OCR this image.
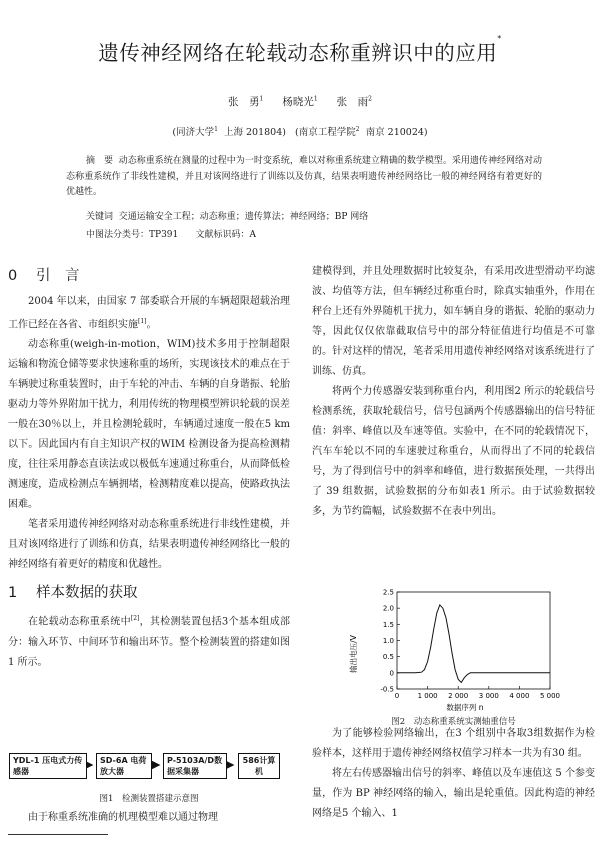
遗传神经网络在轮载动态称重辨识中的应用*
张　勇$^1$ 杨晓光$^1$ 张　雨$^2$
(同济大学$^1$ 上海 201804) (南京工程学院$^2$ 南京 210024)
摘　要 动态称重系统在测量的过程中为一时变系统，难以对称重系统建立精确的数学模型。采用遗传神经网络对动态称重系统作了非线性建模，并且对该网络进行了训练以及仿真，结果表明遗传神经网络比一般的神经网络有着更好的优越性。
关键词 交通运输安全工程；动态称重；遗传算法；神经网络；BP 网络
中图法分类号：TP391 文献标识码：A
0 引　言

2004 年以来，由国家 7 部委联合开展的车辆超限超载治理工作已经在各省、市组织实施[1]。

动态称重(weigh-in-motion，WIM)技术多用于控制超限运输和物流仓储等要求快速称重的场所，实现该技术的难点在于车辆驶过称重装置时，由于车轮的冲击、车辆的自身谐振、轮胎驱动力等外界附加干扰力，利用传统的物理模型辨识轮载的误差一般在30％以上，并且检测轮载时，车辆通过速度一般在5 km 以下。因此国内有自主知识产权的WIM 检测设备为提高检测精度，往往采用静态直读法或以极低车速通过称重台，从而降低检测速度，造成检测点车辆拥堵，检测精度难以提高，使路政执法困难。

笔者采用遗传神经网络对动态称重系统进行非线性建模，并且对该网络进行了训练和仿真，结果表明遗传神经网络比一般的神经网络有着更好的精度和优越性。

1 样本数据的获取

在轮载动态称重系统中[2]，其检测装置包括3个基本组成部分：输入环节、中间环节和输出环节。整个检测装置的搭建如图1 所示。

YDL-1 压电式力传感器
SD-6A 电荷放大器
P-5103A/D数据采集器
586计算机
图1　检测装置搭建示意图

由于称重系统准确的机理模型难以通过物理

建模得到，并且处理数据时比较复杂，有采用改进型滑动平均滤波、均值等方法，但车辆经过称重台时，除真实轴重外，作用在秤台上还有外界随机干扰力，如车辆自身的谐振、轮胎的驱动力等，因此仅仅依靠截取信号中的部分特征值进行均值是不可靠的。针对这样的情况，笔者采用用遗传神经网络对该系统进行了训练、仿真。

将两个力传感器安装到称重台内，利用图2 所示的轮载信号检测系统，获取轮载信号，信号包涵两个传感器输出的信号特征值：斜率、峰值以及车速等值。实验中，在不同的轮载情况下，汽车车轮以不同的车速驶过称重台，从而得出了不同的轮载信号，为了得到信号中的斜率和峰值，进行数据预处理，一共得出了 39 组数据，试验数据的分布如表1 所示。由于试验数据较多，为节约篇幅，试验数据不在表中列出。

0	1 000 2 000 3 000 4 000 5 000
-0.5
0
0.5
1.0
1.5
2.0
2.5
输出电压/V
数据序列 n
图2　动态称重系统实测轴重信号

为了能够检验网络输出，在3 个组别中各取3组数据作为检验样本，这样用于遗传神经网络权值学习样本一共为有30 组。

将左右传感器输出信号的斜率、峰值以及车速值这 5 个参变量，作为 BP 神经网络的输入，输出是轮重值。因此构造的神经网络是5 个输入、1
